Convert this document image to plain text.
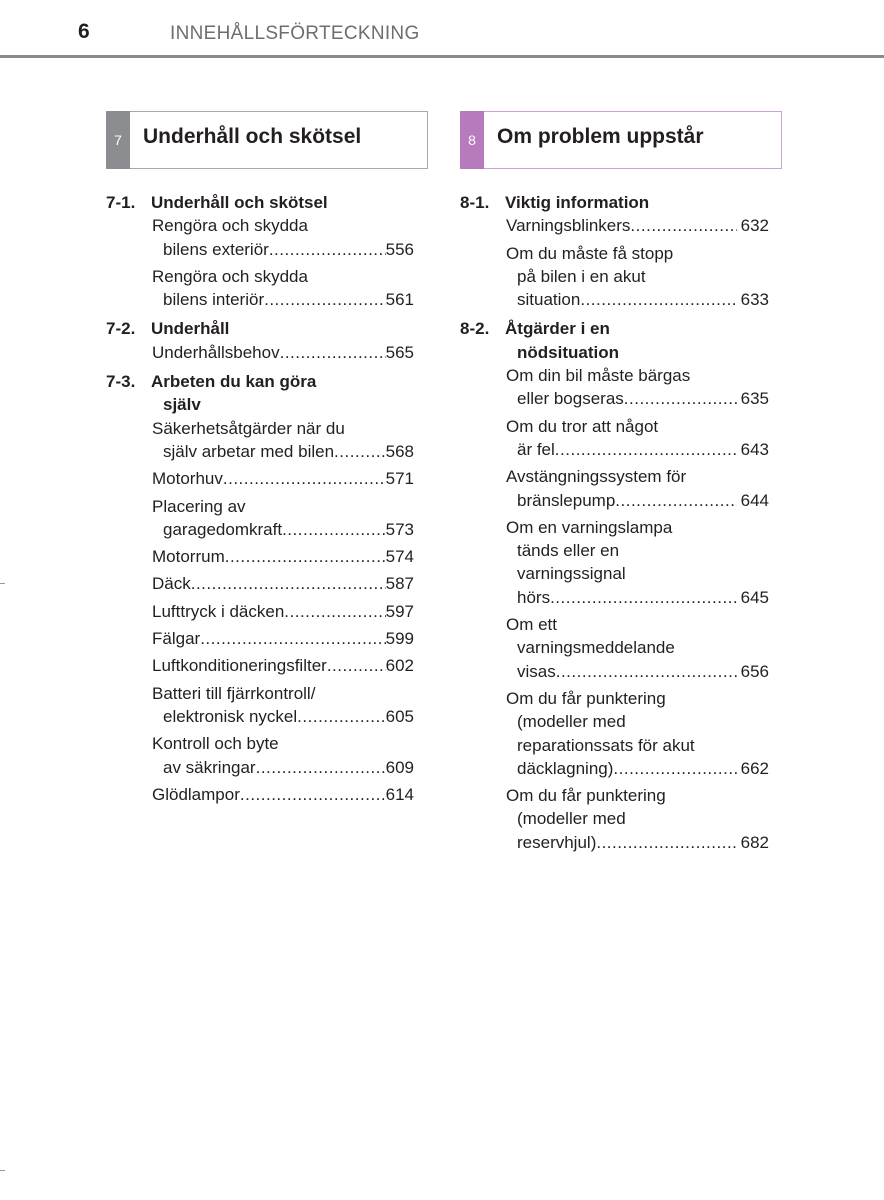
6	INNEHÅLLSFÖRTECKNING
7	Underhåll och skötsel
7-1. Underhåll och skötsel
Rengöra och skydda
bilens exteriör .....	556
Rengöra och skydda
bilens interiör .....	561
7-2. Underhåll
Underhållsbehov .....	565
7-3. Arbeten du kan göra
själv
Säkerhetsåtgärder när du
själv arbetar med bilen .....	568
Motorhuv .....	571
Placering av
garagedomkraft .....	573
Motorrum .....	574
Däck .....	587
Lufttryck i däcken .....	597
Fälgar .....	599
Luftkonditioneringsfilter .....	602
Batteri till fjärrkontroll/
elektronisk nyckel .....	605
Kontroll och byte
av säkringar .....	609
Glödlampor .....	614
8	Om problem uppstår
8-1. Viktig information
Varningsblinkers .....	632
Om du måste få stopp
på bilen i en akut
situation .....	633
8-2. Åtgärder i en
nödsituation
Om din bil måste bärgas
eller bogseras .....	635
Om du tror att något
är fel .....	643
Avstängningssystem för
bränslepump .....	644
Om en varningslampa
tänds eller en
varningssignal
hörs .....	645
Om ett
varningsmeddelande
visas .....	656
Om du får punktering
(modeller med
reparationssats för akut
däcklagning) .....	662
Om du får punktering
(modeller med
reservhjul) .....	682
